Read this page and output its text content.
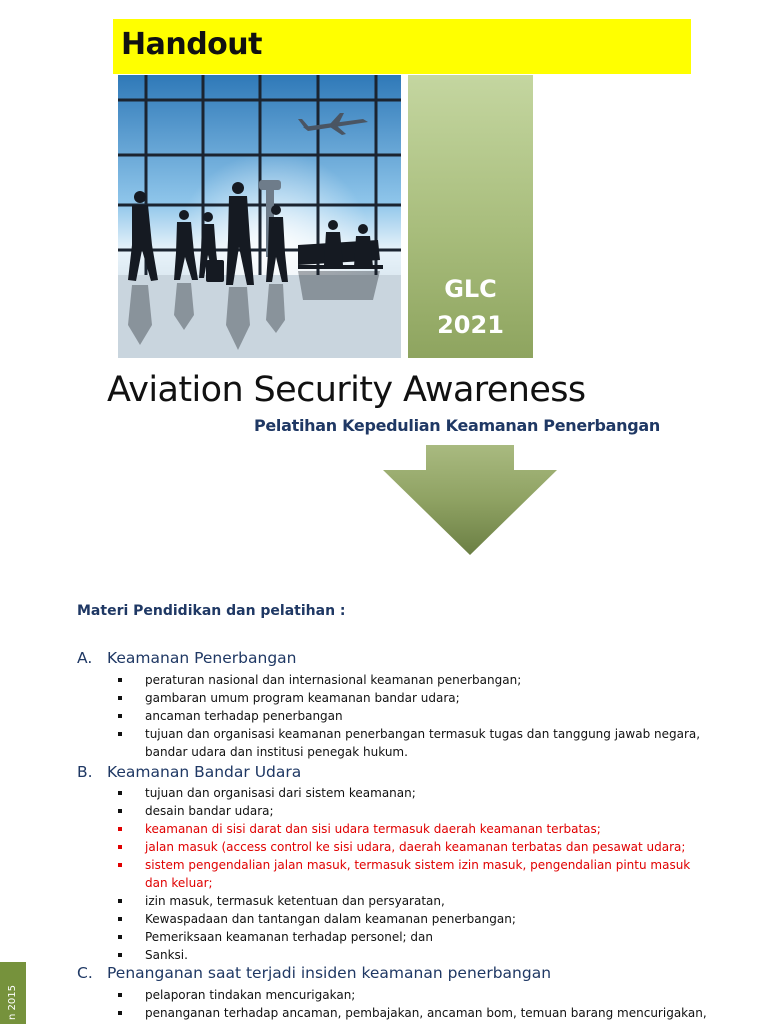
Handout
GLC
2021
Aviation Security Awareness
Pelatihan Kepedulian Keamanan Penerbangan
Materi Pendidikan dan pelatihan :
A. Keamanan Penerbangan
peraturan nasional dan internasional keamanan penerbangan;
gambaran umum program keamanan bandar udara;
ancaman terhadap penerbangan
tujuan dan organisasi keamanan penerbangan termasuk tugas dan tanggung jawab negara, bandar udara dan institusi penegak hukum.
B. Keamanan Bandar Udara
tujuan dan organisasi dari sistem keamanan;
desain bandar udara;
keamanan di sisi darat dan sisi udara termasuk daerah keamanan terbatas;
jalan masuk (access control ke sisi udara, daerah keamanan terbatas dan pesawat udara;
sistem pengendalian jalan masuk, termasuk sistem izin masuk, pengendalian pintu masuk dan keluar;
izin masuk, termasuk ketentuan dan persyaratan,
Kewaspadaan dan tantangan dalam keamanan penerbangan;
Pemeriksaan keamanan terhadap personel; dan
Sanksi.
C. Penanganan saat terjadi insiden keamanan penerbangan
pelaporan tindakan mencurigakan;
penanganan terhadap ancaman, pembajakan, ancaman bom, temuan barang mencurigakan,
n 2015
